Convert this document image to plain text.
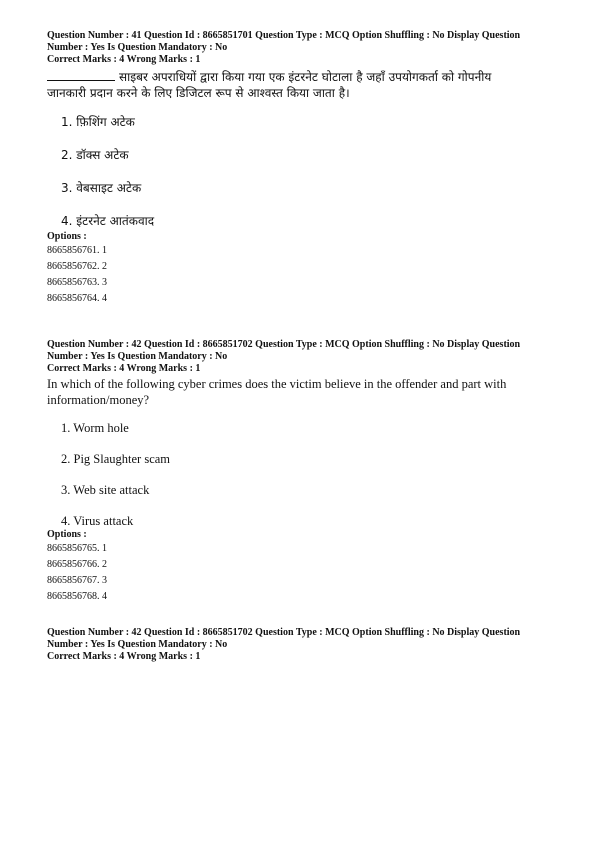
Question Number : 41 Question Id : 8665851701 Question Type : MCQ Option Shuffling : No Display Question
Number : Yes Is Question Mandatory : No
Correct Marks : 4 Wrong Marks : 1
साइबर अपराधियों द्वारा किया गया एक इंटरनेट घोटाला है जहाँ उपयोगकर्ता को गोपनीय
जानकारी प्रदान करने के लिए डिजिटल रूप से आश्वस्त किया जाता है।
1. फ़िशिंग अटेक
2. डॉक्स अटेक
3. वेबसाइट अटेक
4. इंटरनेट आतंकवाद
Options :
8665856761. 1
8665856762. 2
8665856763. 3
8665856764. 4
Question Number : 42 Question Id : 8665851702 Question Type : MCQ Option Shuffling : No Display Question
Number : Yes Is Question Mandatory : No
Correct Marks : 4 Wrong Marks : 1
In which of the following cyber crimes does the victim believe in the offender and part with
information/money?
1. Worm hole
2. Pig Slaughter scam
3. Web site attack
4. Virus attack
Options :
8665856765. 1
8665856766. 2
8665856767. 3
8665856768. 4
Question Number : 42 Question Id : 8665851702 Question Type : MCQ Option Shuffling : No Display Question
Number : Yes Is Question Mandatory : No
Correct Marks : 4 Wrong Marks : 1
